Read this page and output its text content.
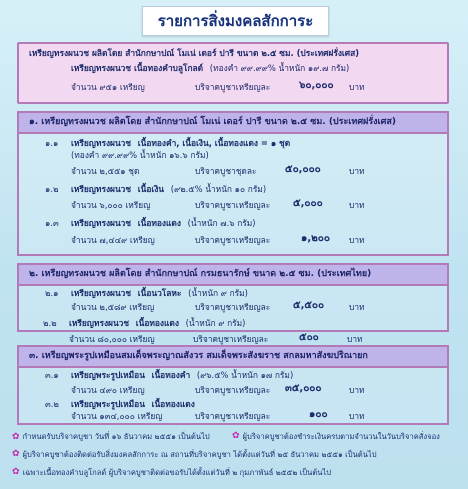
รายการสิ่งมงคลสักการะ
เหรียญทรงผนวช ผลิตโดย สำนักกษาปณ์ โมเน่ เดอร์ ปารี ขนาด ๒.๕ ซม. (ประเทศฝรั่งเศส)
เหรียญทรงผนวช เนื้อทองคำบลูโกลด์ (ทองคำ ๙๙.๙๙% น้ำหนัก ๑๙.๗ กรัม)
จำนวน ๙๕๑ เหรียญ	บริจาคบูชาเหรียญละ	๖๐,๐๐๐ บาท
๑. เหรียญทรงผนวช ผลิตโดย สำนักกษาปณ์ โมเน่ เดอร์ ปารี ขนาด ๒.๕ ซม. (ประเทศฝรั่งเศส)
๑.๑ เหรียญทรงผนวช เนื้อทองคำ, เนื้อเงิน, เนื้อทองแดง = ๑ ชุด
(ทองคำ ๙๙.๙๙% น้ำหนัก ๑๖.๖ กรัม)
จำนวน ๒,๕๕๑ ชุด	บริจาคบูชาชุดละ	๕๐,๐๐๐	บาท
๑.๒ เหรียญทรงผนวช เนื้อเงิน (๙๒.๕% น้ำหนัก ๑๐ กรัม)
จำนวน ๖,๐๐๐ เหรียญ	บริจาคบูชาเหรียญละ ๕,๐๐๐	บาท
๑.๓ เหรียญทรงผนวช เนื้อทองแดง (น้ำหนัก ๗.๖ กรัม)
จำนวน ๗,๔๔๙ เหรียญ	บริจาคบูชาเหรียญละ	๑,๒๐๐ บาท
๒. เหรียญทรงผนวช ผลิตโดย สำนักกษาปณ์ กรมธนารักษ์ ขนาด ๒.๕ ซม. (ประเทศไทย)
๒.๑ เหรียญทรงผนวช เนื้อนวโลหะ (น้ำหนัก ๙ กรัม)
จำนวน ๒,๕๘๙ เหรียญ	บริจาคบูชาเหรียญละ ๕,๕๐๐	บาท
๒.๒ เหรียญทรงผนวช เนื้อทองแดง (น้ำหนัก ๙ กรัม)
จำนวน ๘๐,๐๐๐ เหรียญ	บริจาคบูชาเหรียญละ	๕๐๐	บาท
๓. เหรียญพระรูปเหมือนสมเด็จพระญาณสังวร สมเด็จพระสังฆราช สกลมหาสังฆปริณายก
๓.๑ เหรียญพระรูปเหมือน เนื้อทองคำ (๙๖.๕% น้ำหนัก ๑๗ กรัม)
จำนวน ๔๙๐ เหรียญ	บริจาคบูชาเหรียญละ ๓๕,๐๐๐	บาท
๓.๒ เหรียญพระรูปเหมือน เนื้อทองแดง
จำนวน ๑๓๔,๐๐๐ เหรียญ	บริจาคบูชาเหรียญละ	๑๐๐	บาท
✿ กำหนดรับบริจาคบูชา วันที่ ๑๖ ธันวาคม ๒๕๕๑ เป็นต้นไป ✿ ผู้บริจาคบูชาต้องชำระเงินครบตามจำนวนในวันบริจาคสั่งจอง
✿ ผู้บริจาคบูชาต้องติดต่อรับสิ่งมงคลสักการะ ณ สถานที่บริจาคบูชา ได้ตั้งแต่วันที่ ๒๕ ธันวาคม ๒๕๕๑ เป็นต้นไป
✿ เฉพาะเนื้อทองคำบลูโกลด์ ผู้บริจาคบูชาติดต่อขอรับได้ตั้งแต่วันที่ ๒ กุมภาพันธ์ ๒๕๕๒ เป็นต้นไป
